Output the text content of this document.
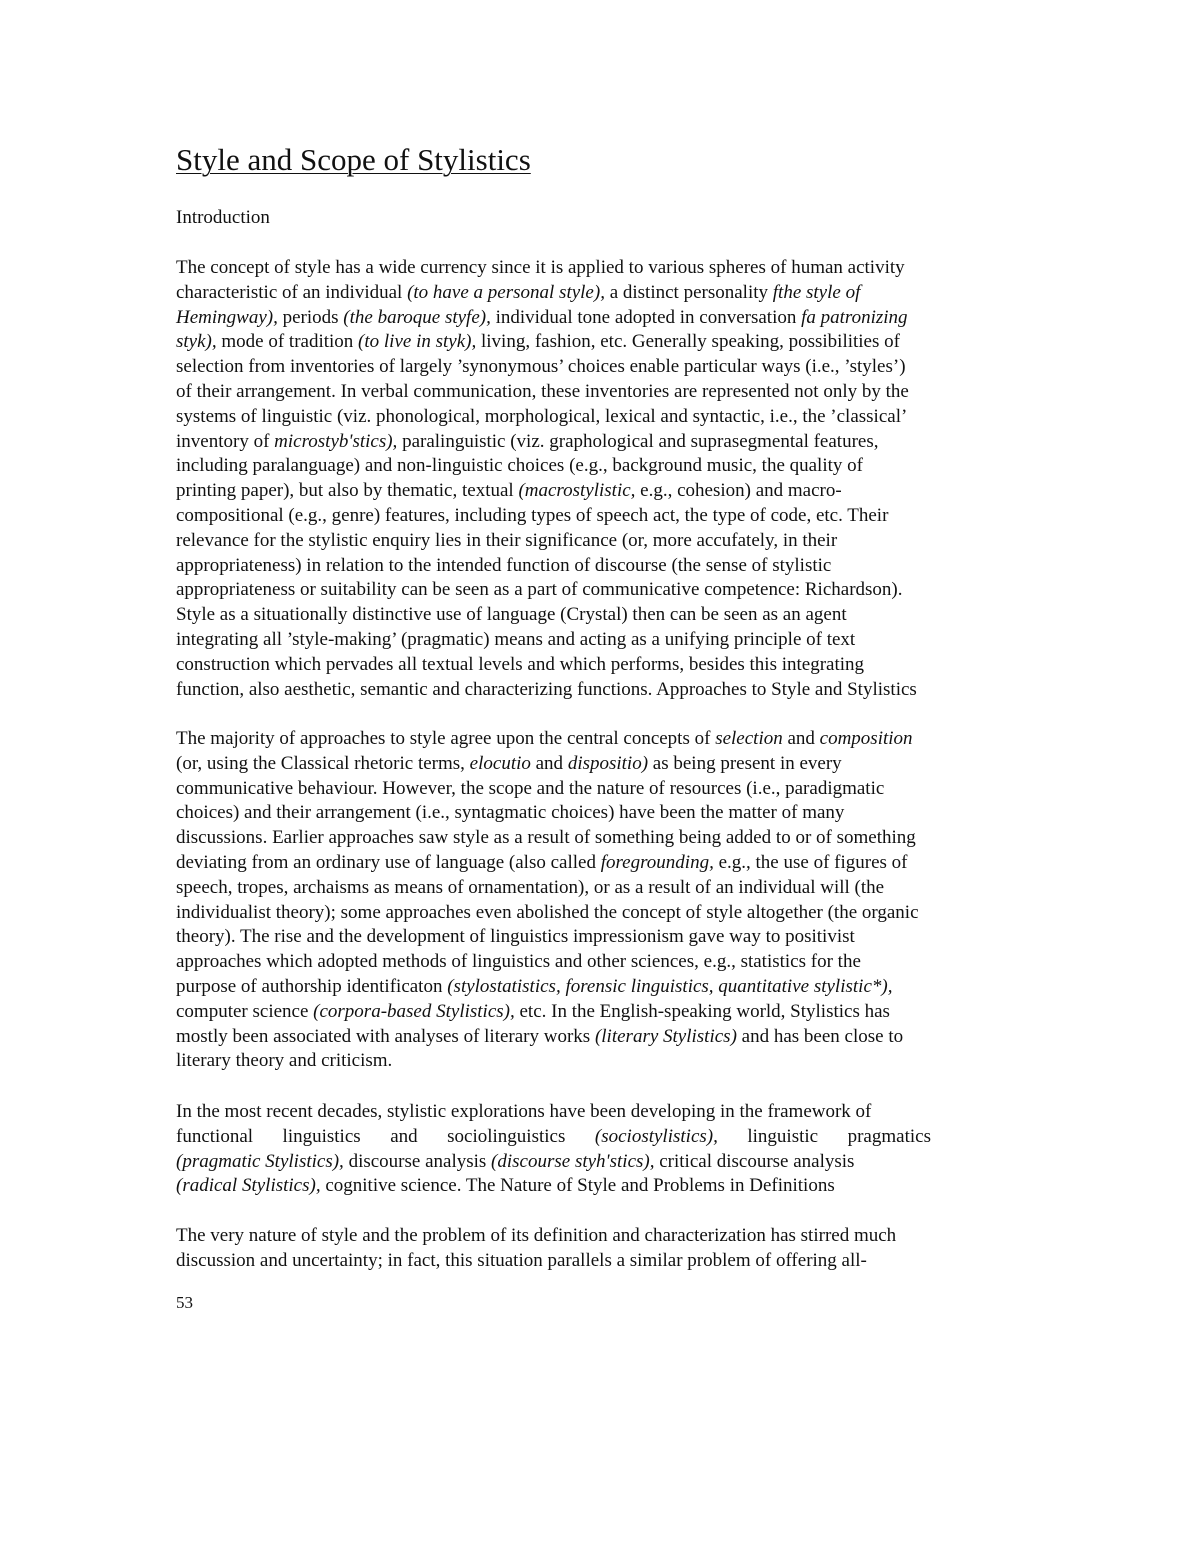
Style and Scope of Stylistics

Introduction

The concept of style has a wide currency since it is applied to various spheres of human activity
characteristic of an individual (to have a personal style), a distinct personality fthe style of
Hemingway), periods (the baroque styfe), individual tone adopted in conversation fa patronizing
styk), mode of tradition (to live in styk), living, fashion, etc. Generally speaking, possibilities of
selection from inventories of largely ’synonymous’ choices enable particular ways (i.e., ’styles’)
of their arrangement. In verbal communication, these inventories are represented not only by the
systems of linguistic (viz. phonological, morphological, lexical and syntactic, i.e., the ’classical’
inventory of microstyb'stics), paralinguistic (viz. graphological and suprasegmental features,
including paralanguage) and non-linguistic choices (e.g., background music, the quality of
printing paper), but also by thematic, textual (macrostylistic, e.g., cohesion) and macro-
compositional (e.g., genre) features, including types of speech act, the type of code, etc. Their
relevance for the stylistic enquiry lies in their significance (or, more accufately, in their
appropriateness) in relation to the intended function of discourse (the sense of stylistic
appropriateness or suitability can be seen as a part of communicative competence: Richardson).
Style as a situationally distinctive use of language (Crystal) then can be seen as an agent
integrating all ’style-making’ (pragmatic) means and acting as a unifying principle of text
construction which pervades all textual levels and which performs, besides this integrating
function, also aesthetic, semantic and characterizing functions. Approaches to Style and Stylistics
The majority of approaches to style agree upon the central concepts of selection and composition
(or, using the Classical rhetoric terms, elocutio and dispositio) as being present in every
communicative behaviour. However, the scope and the nature of resources (i.e., paradigmatic
choices) and their arrangement (i.e., syntagmatic choices) have been the matter of many
discussions. Earlier approaches saw style as a result of something being added to or of something
deviating from an ordinary use of language (also called foregrounding, e.g., the use of figures of
speech, tropes, archaisms as means of ornamentation), or as a result of an individual will (the
individualist theory); some approaches even abolished the concept of style altogether (the organic
theory). The rise and the development of linguistics impressionism gave way to positivist
approaches which adopted methods of linguistics and other sciences, e.g., statistics for the
purpose of authorship identificaton (stylostatistics, forensic linguistics, quantitative stylistic*),
computer science (corpora-based Stylistics), etc. In the English-speaking world, Stylistics has
mostly been associated with analyses of literary works (literary Stylistics) and has been close to
literary theory and criticism.
In the most recent decades, stylistic explorations have been developing in the framework of
functional linguistics and sociolinguistics (sociostylistics), linguistic pragmatics
(pragmatic Stylistics), discourse analysis (discourse styh'stics), critical discourse analysis
(radical Stylistics), cognitive science. The Nature of Style and Problems in Definitions
The very nature of style and the problem of its definition and characterization has stirred much
discussion and uncertainty; in fact, this situation parallels a similar problem of offering all-

53
